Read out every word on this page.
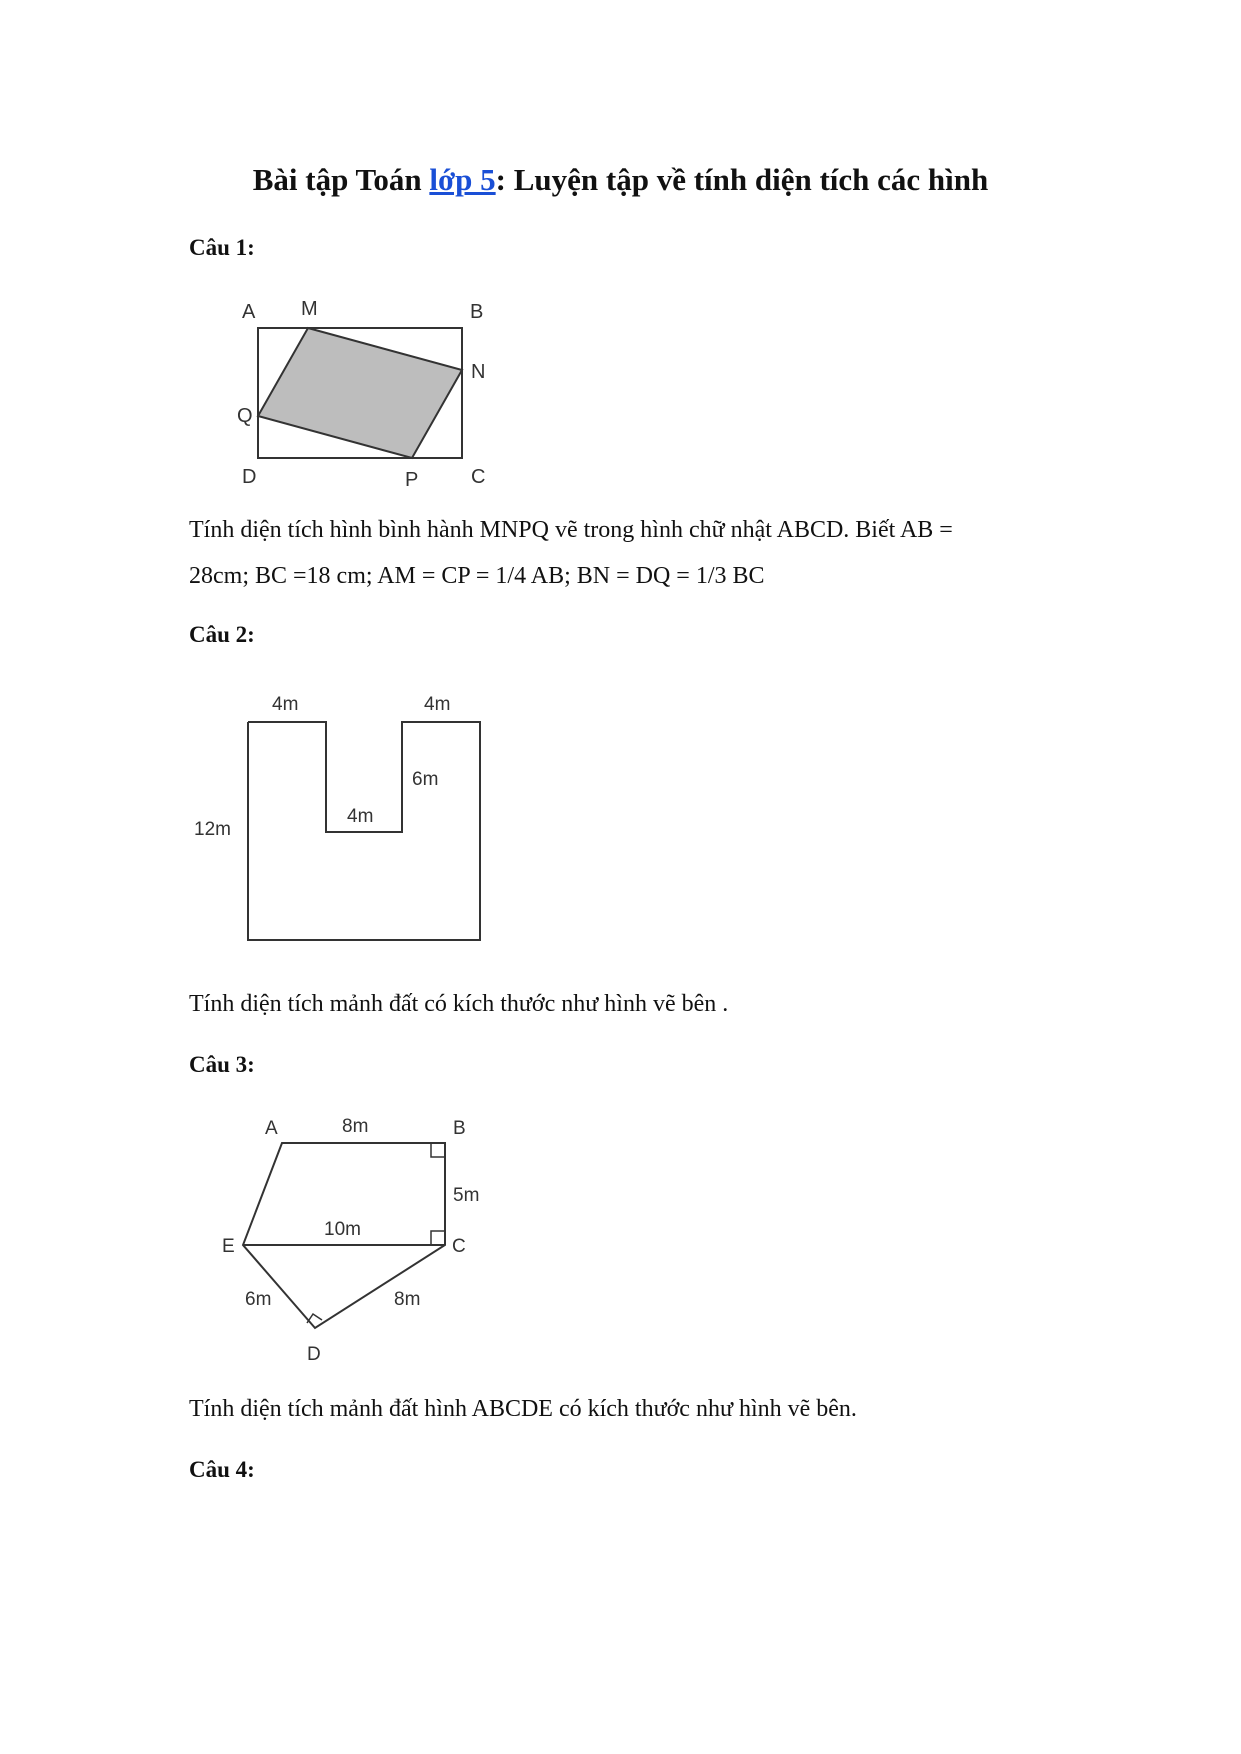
Bài tập Toán lớp 5: Luyện tập về tính diện tích các hình
Câu 1:
A M	B
N
Q
D	P	C

Tính diện tích hình bình hành MNPQ vẽ trong hình chữ nhật ABCD. Biết AB =
28cm; BC =18 cm; AM = CP = 1/4 AB; BN = DQ = 1/3 BC

Câu 2:
4m	4m
6m
4m
12m

Tính diện tích mảnh đất có kích thước như hình vẽ bên .

Câu 3:
A	8m	B
5m
10m
E	C
6m	8m
D

Tính diện tích mảnh đất hình ABCDE có kích thước như hình vẽ bên.

Câu 4:
